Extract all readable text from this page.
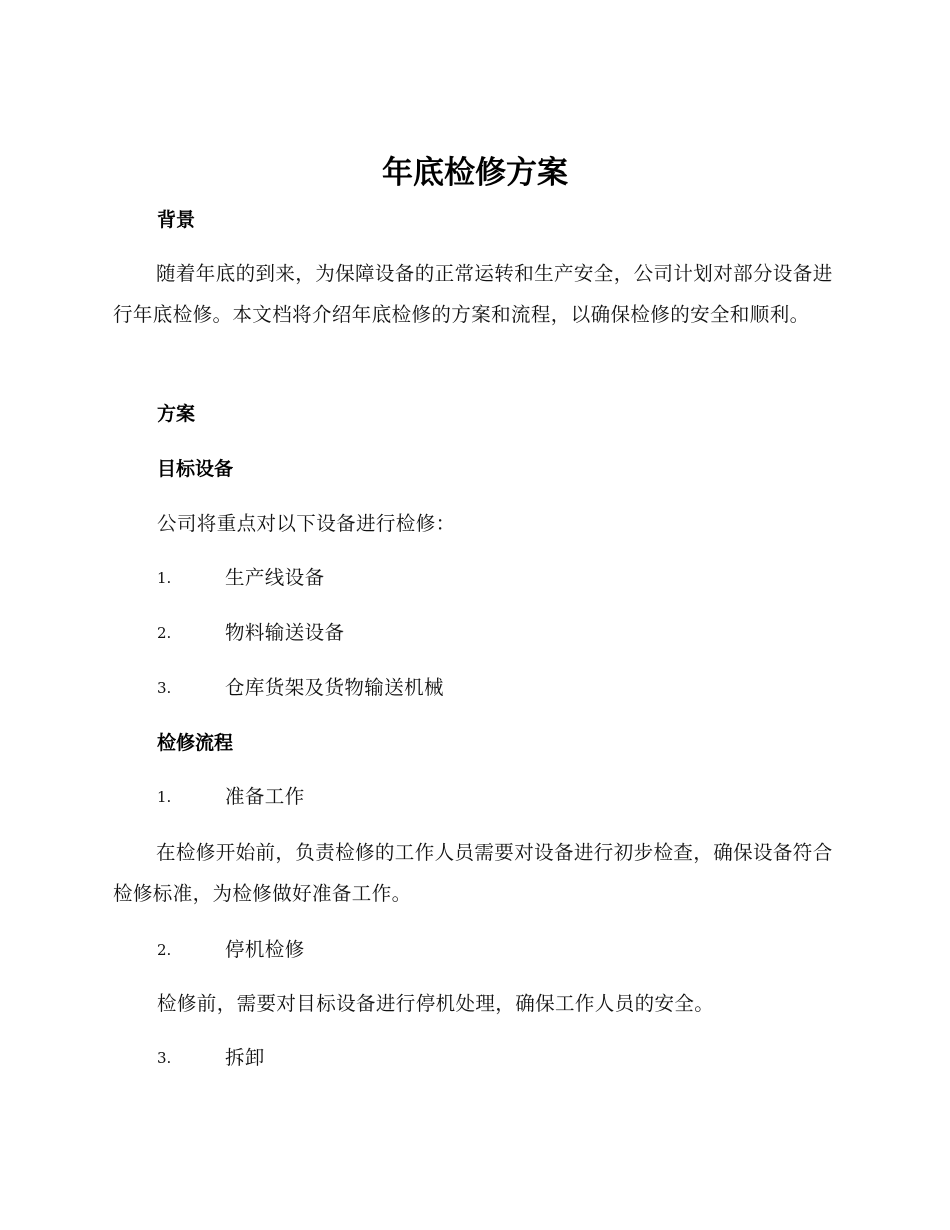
年底检修方案
背景
随着年底的到来，为保障设备的正常运转和生产安全，公司计划对部分设备进行年底检修。本文档将介绍年底检修的方案和流程，以确保检修的安全和顺利。
方案
目标设备
公司将重点对以下设备进行检修：
1.	生产线设备
2.	物料输送设备
3.	仓库货架及货物输送机械
检修流程
1.	准备工作
在检修开始前，负责检修的工作人员需要对设备进行初步检查，确保设备符合检修标准，为检修做好准备工作。
2.	停机检修
检修前，需要对目标设备进行停机处理，确保工作人员的安全。
3.	拆卸
